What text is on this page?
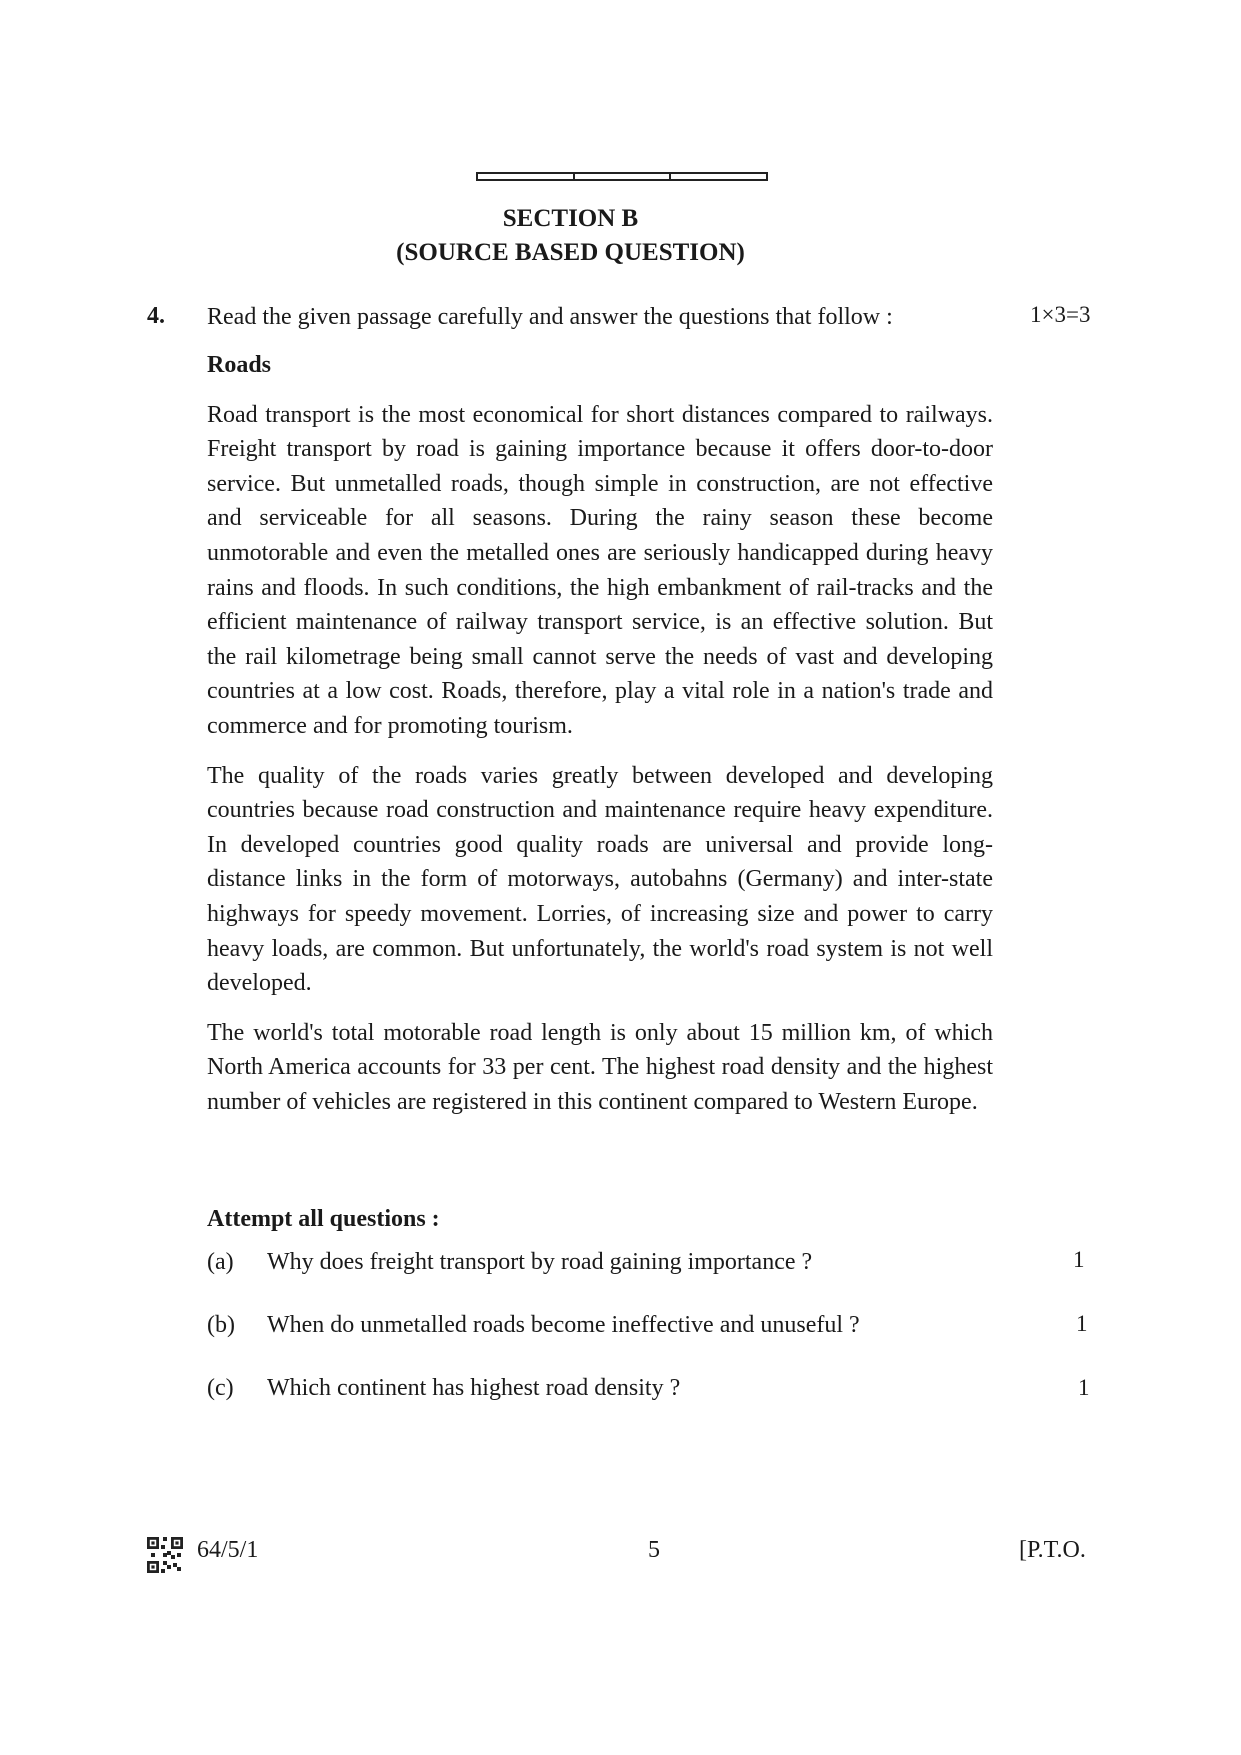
SECTION B
(SOURCE BASED QUESTION)
4. Read the given passage carefully and answer the questions that follow :	1×3=3

Roads

Road transport is the most economical for short distances compared to railways. Freight transport by road is gaining importance because it offers door-to-door service. But unmetalled roads, though simple in construction, are not effective and serviceable for all seasons. During the rainy season these become unmotorable and even the metalled ones are seriously handicapped during heavy rains and floods. In such conditions, the high embankment of rail-tracks and the efficient maintenance of railway transport service, is an effective solution. But the rail kilometrage being small cannot serve the needs of vast and developing countries at a low cost. Roads, therefore, play a vital role in a nation's trade and commerce and for promoting tourism.

The quality of the roads varies greatly between developed and developing countries because road construction and maintenance require heavy expenditure. In developed countries good quality roads are universal and provide long-distance links in the form of motorways, autobahns (Germany) and inter-state highways for speedy movement. Lorries, of increasing size and power to carry heavy loads, are common. But unfortunately, the world's road system is not well developed.

The world's total motorable road length is only about 15 million km, of which North America accounts for 33 per cent. The highest road density and the highest number of vehicles are registered in this continent compared to Western Europe.

Attempt all questions :
(a) Why does freight transport by road gaining importance ?	1
(b) When do unmetalled roads become ineffective and unuseful ?	1
(c) Which continent has highest road density ?	1
64/5/1	5	[P.T.O.
